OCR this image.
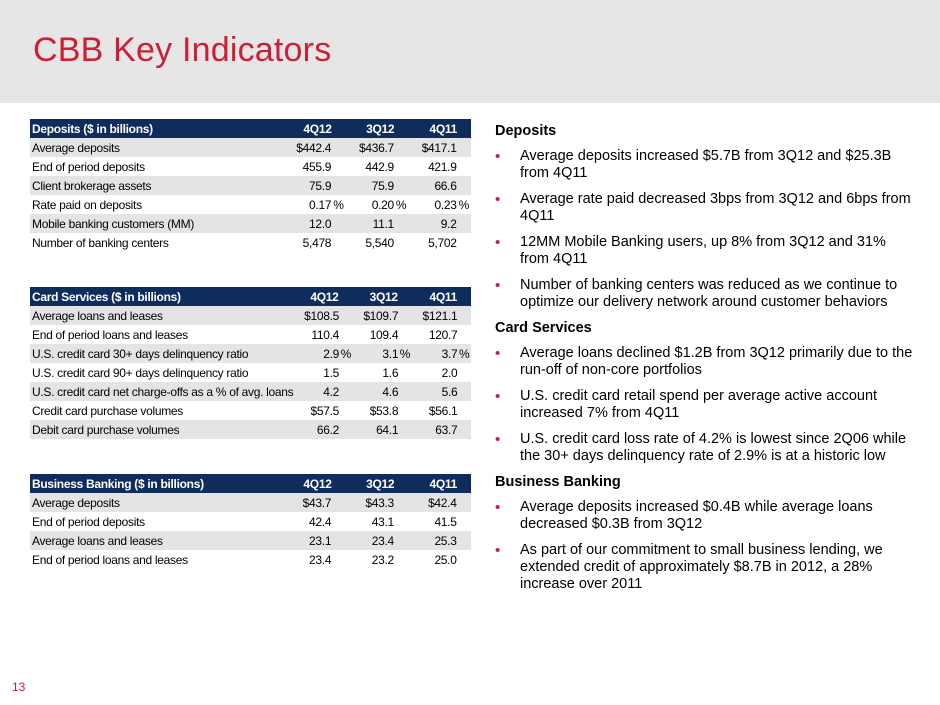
CBB Key Indicators
Deposits ($ in billions)	4Q12		3Q12		4Q11	
Average deposits	$442.4		$436.7		$417.1	
End of period deposits	455.9		442.9		421.9	
Client brokerage assets	75.9		75.9		66.6	
Rate paid on deposits	0.17	%	0.20	%	0.23	%
Mobile banking customers (MM)	12.0		11.1		9.2	
Number of banking centers	5,478		5,540		5,702	
Card Services ($ in billions)	4Q12		3Q12		4Q11	
Average loans and leases	$108.5		$109.7		$121.1	
End of period loans and leases	110.4		109.4		120.7	
U.S. credit card 30+ days delinquency ratio	2.9	%	3.1	%	3.7	%
U.S. credit card 90+ days delinquency ratio	1.5		1.6		2.0	
U.S. credit card net charge-offs as a % of avg. loans	4.2		4.6		5.6	
Credit card purchase volumes	$57.5		$53.8		$56.1	
Debit card purchase volumes	66.2		64.1		63.7	
Business Banking ($ in billions)	4Q12		3Q12		4Q11	
Average deposits	$43.7		$43.3		$42.4	
End of period deposits	42.4		43.1		41.5	
Average loans and leases	23.1		23.4		25.3	
End of period loans and leases	23.4		23.2		25.0	
Deposits
• Average deposits increased $5.7B from 3Q12 and $25.3B from 4Q11
• Average rate paid decreased 3bps from 3Q12 and 6bps from 4Q11
• 12MM Mobile Banking users, up 8% from 3Q12 and 31% from 4Q11
• Number of banking centers was reduced as we continue to optimize our delivery network around customer behaviors
Card Services
• Average loans declined $1.2B from 3Q12 primarily due to the run-off of non-core portfolios
• U.S. credit card retail spend per average active account increased 7% from 4Q11
• U.S. credit card loss rate of 4.2% is lowest since 2Q06 while the 30+ days delinquency rate of 2.9% is at a historic low
Business Banking
• Average deposits increased $0.4B while average loans decreased $0.3B from 3Q12
• As part of our commitment to small business lending, we extended credit of approximately $8.7B in 2012, a 28% increase over 2011
13
